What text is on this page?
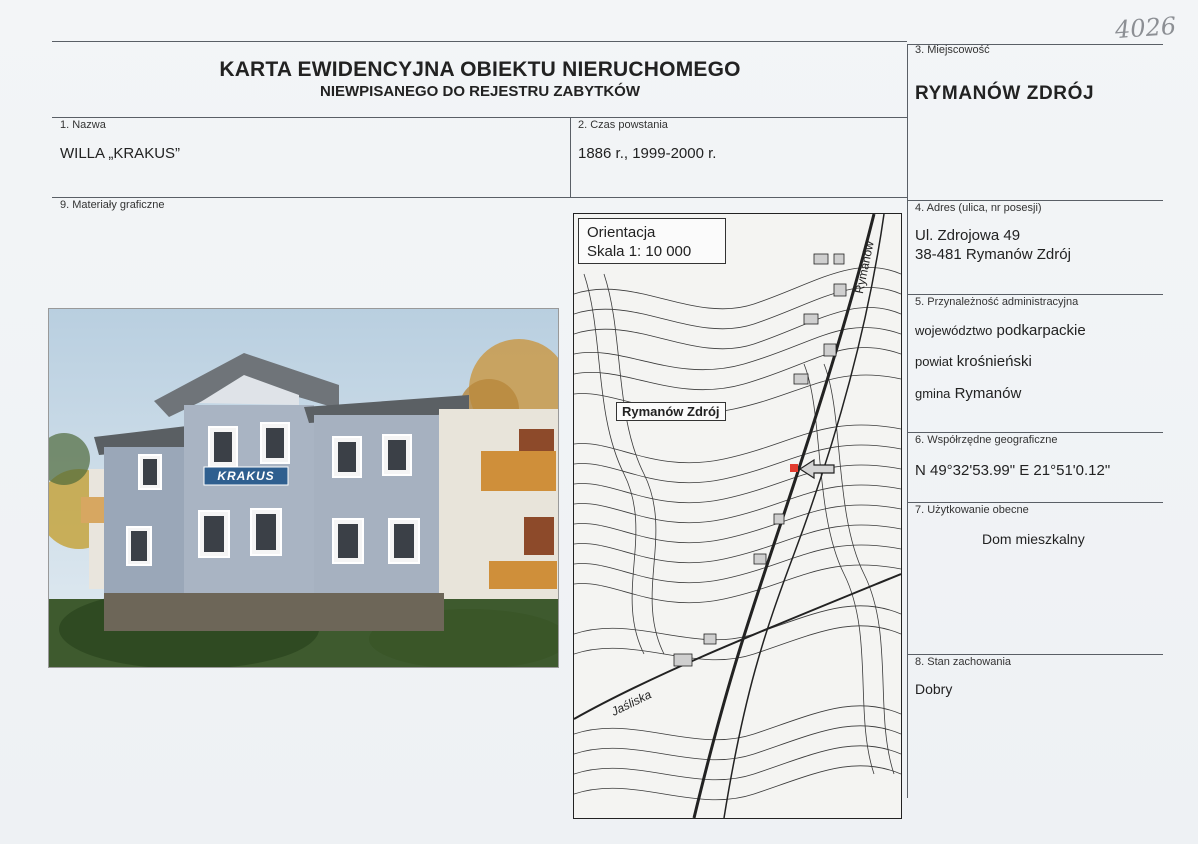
4026
KARTA EWIDENCYJNA OBIEKTU NIERUCHOMEGO
NIEWPISANEGO DO REJESTRU ZABYTKÓW
3. Miejscowość
RYMANÓW ZDRÓJ
1. Nazwa
WILLA „KRAKUS”
2. Czas powstania
1886 r., 1999-2000 r.
9. Materiały graficzne	4. Adres (ulica, nr posesji)
Ul. Zdrojowa 49
38-481 Rymanów Zdrój
5. Przynależność administracyjna
województwo podkarpackie
powiat krośnieński
gmina Rymanów
6. Współrzędne geograficzne
N 49°32'53.99" E 21°51'0.12"
7. Użytkowanie obecne
Dom mieszkalny
8. Stan zachowania
Dobry
KRAKUS
Orientacja
Skala 1: 10 000
Rymanów Zdrój
Rymanów
Jaśliska
